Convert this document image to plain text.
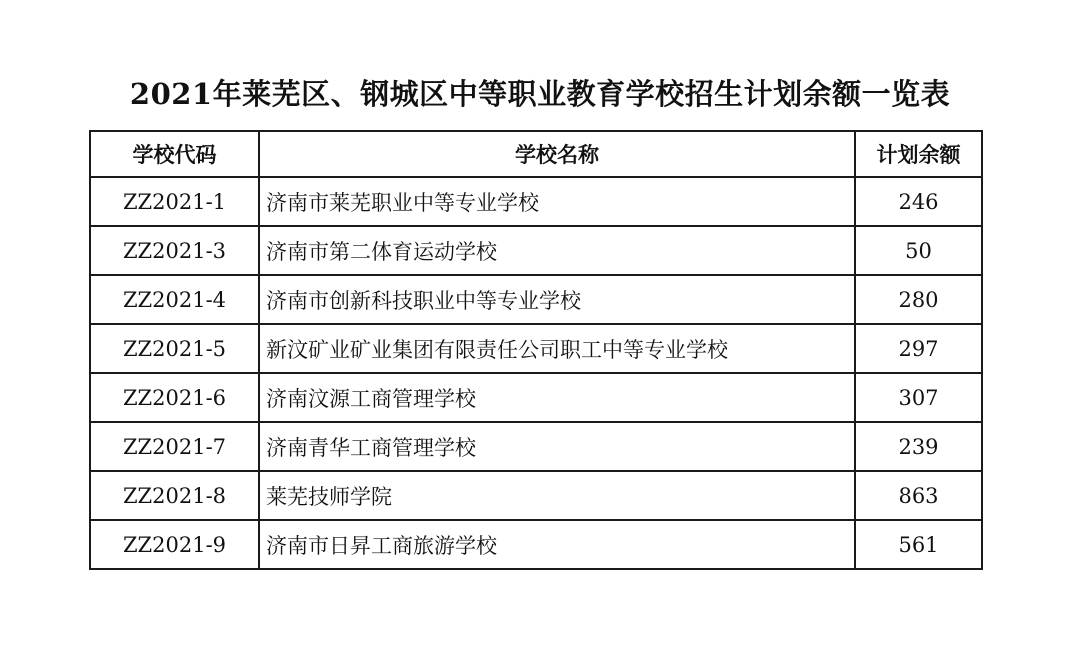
2021年莱芜区、钢城区中等职业教育学校招生计划余额一览表
学校代码	学校名称	计划余额
ZZ2021-1	济南市莱芜职业中等专业学校	246
ZZ2021-3	济南市第二体育运动学校	50
ZZ2021-4	济南市创新科技职业中等专业学校	280
ZZ2021-5	新汶矿业矿业集团有限责任公司职工中等专业学校	297
ZZ2021-6	济南汶源工商管理学校	307
ZZ2021-7	济南青华工商管理学校	239
ZZ2021-8	莱芜技师学院	863
ZZ2021-9	济南市日昇工商旅游学校	561
